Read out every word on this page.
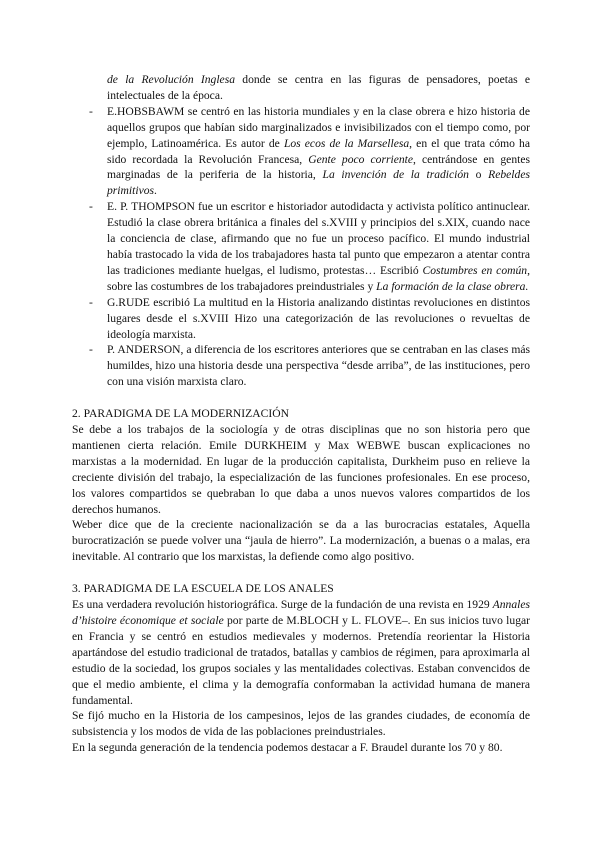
de la Revolución Inglesa donde se centra en las figuras de pensadores, poetas e intelectuales de la época.

- E.HOBSBAWM se centró en las historia mundiales y en la clase obrera e hizo historia de aquellos grupos que habían sido marginalizados e invisibilizados con el tiempo como, por ejemplo, Latinoamérica. Es autor de Los ecos de la Marsellesa, en el que trata cómo ha sido recordada la Revolución Francesa, Gente poco corriente, centrándose en gentes marginadas de la periferia de la historia, La invención de la tradición o Rebeldes primitivos.

- E. P. THOMPSON fue un escritor e historiador autodidacta y activista político antinuclear. Estudió la clase obrera británica a finales del s.XVIII y principios del s.XIX, cuando nace la conciencia de clase, afirmando que no fue un proceso pacífico. El mundo industrial había trastocado la vida de los trabajadores hasta tal punto que empezaron a atentar contra las tradiciones mediante huelgas, el ludismo, protestas… Escribió Costumbres en común, sobre las costumbres de los trabajadores preindustriales y La formación de la clase obrera.

- G.RUDE escribió La multitud en la Historia analizando distintas revoluciones en distintos lugares desde el s.XVIII Hizo una categorización de las revoluciones o revueltas de ideología marxista.

- P. ANDERSON, a diferencia de los escritores anteriores que se centraban en las clases más humildes, hizo una historia desde una perspectiva “desde arriba”, de las instituciones, pero con una visión marxista claro.

2. PARADIGMA DE LA MODERNIZACIÓN

Se debe a los trabajos de la sociología y de otras disciplinas que no son historia pero que mantienen cierta relación. Emile DURKHEIM y Max WEBWE buscan explicaciones no marxistas a la modernidad. En lugar de la producción capitalista, Durkheim puso en relieve la creciente división del trabajo, la especialización de las funciones profesionales. En ese proceso, los valores compartidos se quebraban lo que daba a unos nuevos valores compartidos de los derechos humanos.

Weber dice que de la creciente nacionalización se da a las burocracias estatales, Aquella burocratización se puede volver una “jaula de hierro”. La modernización, a buenas o a malas, era inevitable. Al contrario que los marxistas, la defiende como algo positivo.

3. PARADIGMA DE LA ESCUELA DE LOS ANALES

Es una verdadera revolución historiográfica. Surge de la fundación de una revista en 1929 Annales d’histoire économique et sociale por parte de M.BLOCH y L. FLOVE–. En sus inicios tuvo lugar en Francia y se centró en estudios medievales y modernos. Pretendía reorientar la Historia apartándose del estudio tradicional de tratados, batallas y cambios de régimen, para aproximarla al estudio de la sociedad, los grupos sociales y las mentalidades colectivas. Estaban convencidos de que el medio ambiente, el clima y la demografía conformaban la actividad humana de manera fundamental.

Se fijó mucho en la Historia de los campesinos, lejos de las grandes ciudades, de economía de subsistencia y los modos de vida de las poblaciones preindustriales.

En la segunda generación de la tendencia podemos destacar a F. Braudel durante los 70 y 80.
